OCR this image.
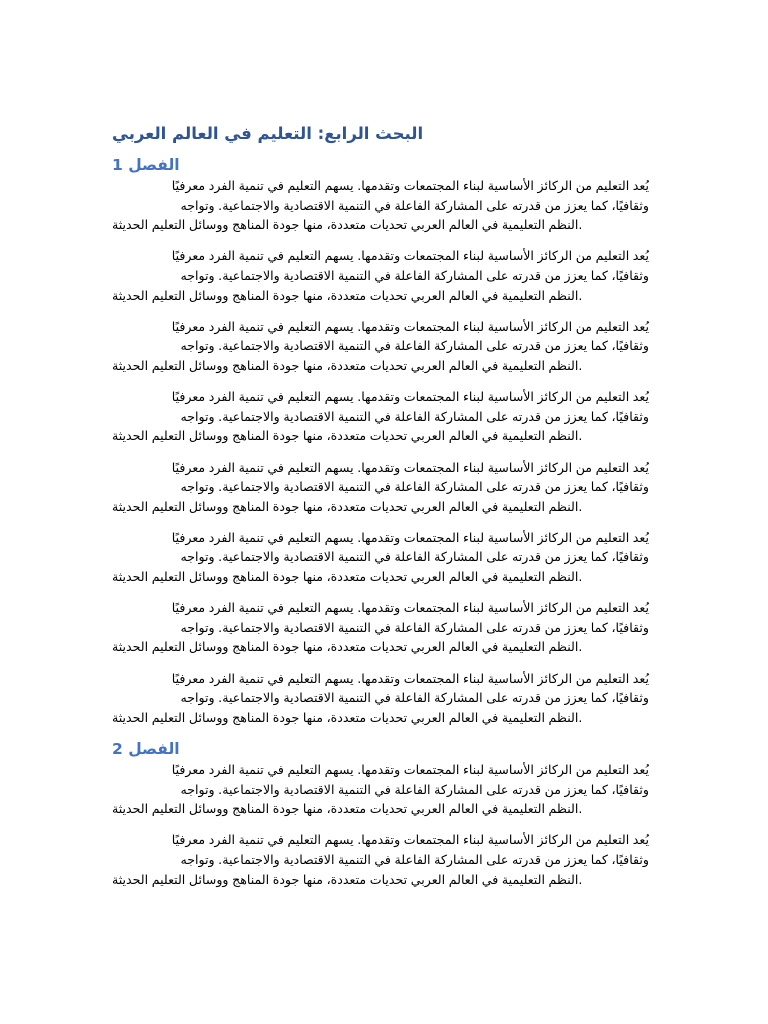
البحث الرابع: التعليم في العالم العربي
الفصل 1
يُعد التعليم من الركائز الأساسية لبناء المجتمعات وتقدمها. يسهم التعليم في تنمية الفرد معرفيًا
وثقافيًا، كما يعزز من قدرته على المشاركة الفاعلة في التنمية الاقتصادية والاجتماعية. وتواجه
.النظم التعليمية في العالم العربي تحديات متعددة، منها جودة المناهج ووسائل التعليم الحديثة
يُعد التعليم من الركائز الأساسية لبناء المجتمعات وتقدمها. يسهم التعليم في تنمية الفرد معرفيًا
وثقافيًا، كما يعزز من قدرته على المشاركة الفاعلة في التنمية الاقتصادية والاجتماعية. وتواجه
.النظم التعليمية في العالم العربي تحديات متعددة، منها جودة المناهج ووسائل التعليم الحديثة
يُعد التعليم من الركائز الأساسية لبناء المجتمعات وتقدمها. يسهم التعليم في تنمية الفرد معرفيًا
وثقافيًا، كما يعزز من قدرته على المشاركة الفاعلة في التنمية الاقتصادية والاجتماعية. وتواجه
.النظم التعليمية في العالم العربي تحديات متعددة، منها جودة المناهج ووسائل التعليم الحديثة
يُعد التعليم من الركائز الأساسية لبناء المجتمعات وتقدمها. يسهم التعليم في تنمية الفرد معرفيًا
وثقافيًا، كما يعزز من قدرته على المشاركة الفاعلة في التنمية الاقتصادية والاجتماعية. وتواجه
.النظم التعليمية في العالم العربي تحديات متعددة، منها جودة المناهج ووسائل التعليم الحديثة
يُعد التعليم من الركائز الأساسية لبناء المجتمعات وتقدمها. يسهم التعليم في تنمية الفرد معرفيًا
وثقافيًا، كما يعزز من قدرته على المشاركة الفاعلة في التنمية الاقتصادية والاجتماعية. وتواجه
.النظم التعليمية في العالم العربي تحديات متعددة، منها جودة المناهج ووسائل التعليم الحديثة
يُعد التعليم من الركائز الأساسية لبناء المجتمعات وتقدمها. يسهم التعليم في تنمية الفرد معرفيًا
وثقافيًا، كما يعزز من قدرته على المشاركة الفاعلة في التنمية الاقتصادية والاجتماعية. وتواجه
.النظم التعليمية في العالم العربي تحديات متعددة، منها جودة المناهج ووسائل التعليم الحديثة
يُعد التعليم من الركائز الأساسية لبناء المجتمعات وتقدمها. يسهم التعليم في تنمية الفرد معرفيًا
وثقافيًا، كما يعزز من قدرته على المشاركة الفاعلة في التنمية الاقتصادية والاجتماعية. وتواجه
.النظم التعليمية في العالم العربي تحديات متعددة، منها جودة المناهج ووسائل التعليم الحديثة
يُعد التعليم من الركائز الأساسية لبناء المجتمعات وتقدمها. يسهم التعليم في تنمية الفرد معرفيًا
وثقافيًا، كما يعزز من قدرته على المشاركة الفاعلة في التنمية الاقتصادية والاجتماعية. وتواجه
.النظم التعليمية في العالم العربي تحديات متعددة، منها جودة المناهج ووسائل التعليم الحديثة
الفصل 2
يُعد التعليم من الركائز الأساسية لبناء المجتمعات وتقدمها. يسهم التعليم في تنمية الفرد معرفيًا
وثقافيًا، كما يعزز من قدرته على المشاركة الفاعلة في التنمية الاقتصادية والاجتماعية. وتواجه
.النظم التعليمية في العالم العربي تحديات متعددة، منها جودة المناهج ووسائل التعليم الحديثة
يُعد التعليم من الركائز الأساسية لبناء المجتمعات وتقدمها. يسهم التعليم في تنمية الفرد معرفيًا
وثقافيًا، كما يعزز من قدرته على المشاركة الفاعلة في التنمية الاقتصادية والاجتماعية. وتواجه
.النظم التعليمية في العالم العربي تحديات متعددة، منها جودة المناهج ووسائل التعليم الحديثة
